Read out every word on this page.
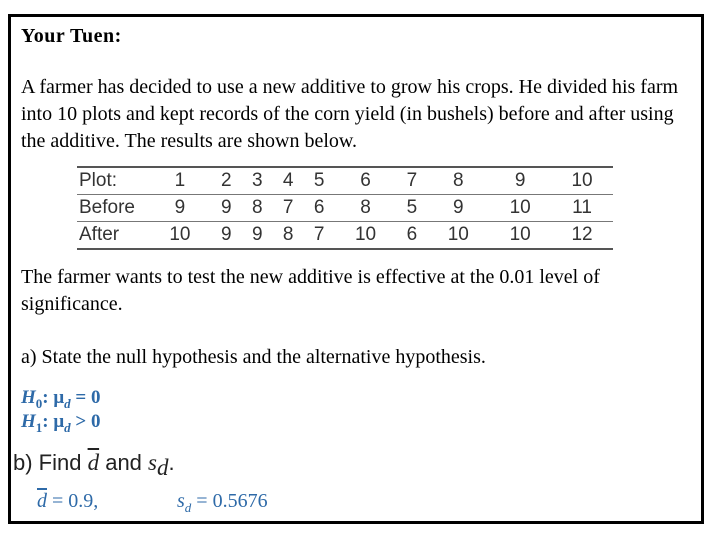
Your Tuen:
A farmer has decided to use a new additive to grow his crops. He divided his farm into 10 plots and kept records of the corn yield (in bushels) before and after using the additive. The results are shown below.
Plot:	1	2	3	4	5	6	7	8	9	10
Before	9	9	8	7	6	8	5	9	10	11
After	10	9	9	8	7	10	6	10	10	12
The farmer wants to test the new additive is effective at the 0.01 level of significance.
a) State the null hypothesis and the alternative hypothesis.
$H_0$: $\mu_d = 0$
$H_1$: $\mu_d > 0$
b) Find $\overline{d}$ and $s_d$.
$\overline{d} = 0.9$,	$s_d = 0.5676$
